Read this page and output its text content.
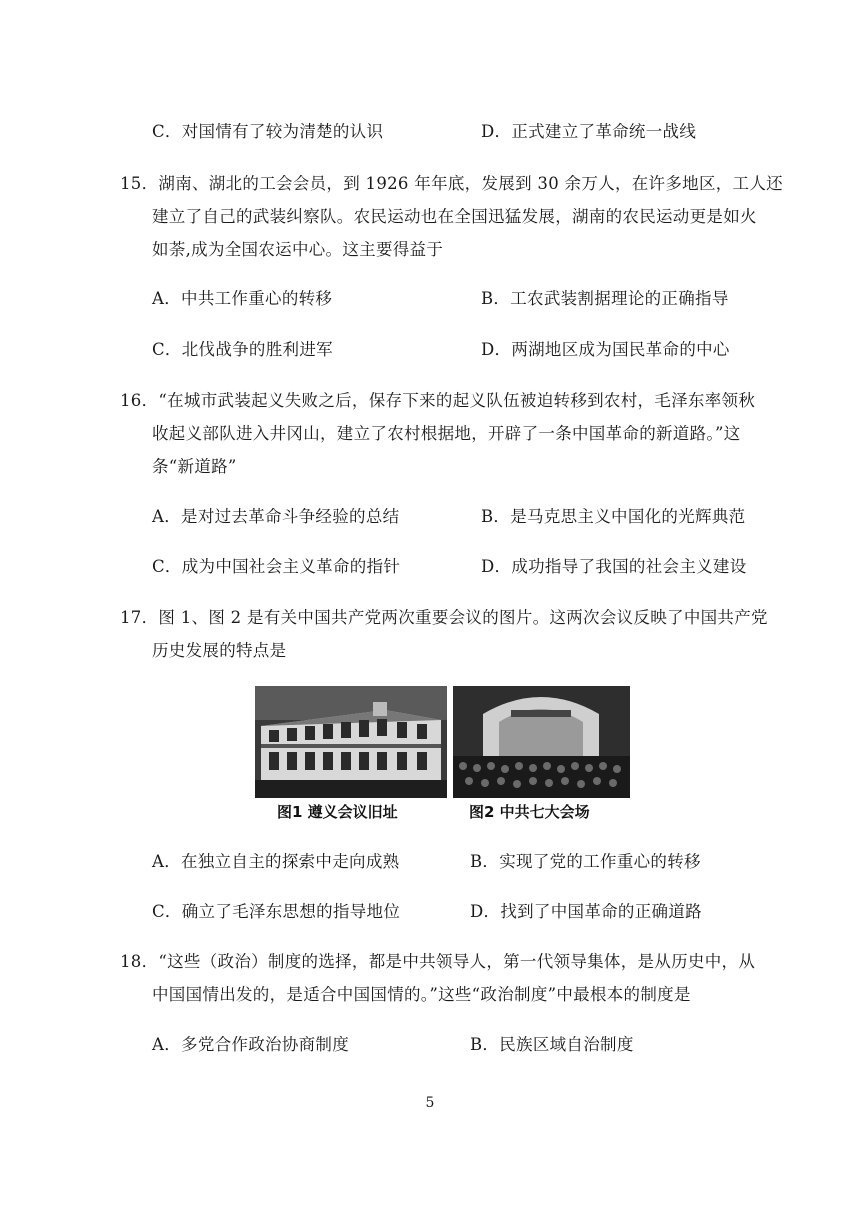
C．对国情有了较为清楚的认识	D．正式建立了革命统一战线
15．湖南、湖北的工会会员，到 1926 年年底，发展到 30 余万人，在许多地区，工人还
建立了自己的武装纠察队。农民运动也在全国迅猛发展，湖南的农民运动更是如火
如荼,成为全国农运中心。这主要得益于
A．中共工作重心的转移	B．工农武装割据理论的正确指导
C．北伐战争的胜利进军	D．两湖地区成为国民革命的中心
16．“在城市武装起义失败之后，保存下来的起义队伍被迫转移到农村，毛泽东率领秋
收起义部队进入井冈山，建立了农村根据地，开辟了一条中国革命的新道路。”这
条“新道路”
A．是对过去革命斗争经验的总结	B．是马克思主义中国化的光辉典范
C．成为中国社会主义革命的指针	D．成功指导了我国的社会主义建设
17．图 1、图 2 是有关中国共产党两次重要会议的图片。这两次会议反映了中国共产党
历史发展的特点是
图1 遵义会议旧址	图2 中共七大会场
A．在独立自主的探索中走向成熟	B．实现了党的工作重心的转移
C．确立了毛泽东思想的指导地位	D．找到了中国革命的正确道路
18．“这些（政治）制度的选择，都是中共领导人，第一代领导集体，是从历史中，从
中国国情出发的，是适合中国国情的。”这些“政治制度”中最根本的制度是
A．多党合作政治协商制度	B．民族区域自治制度
5
